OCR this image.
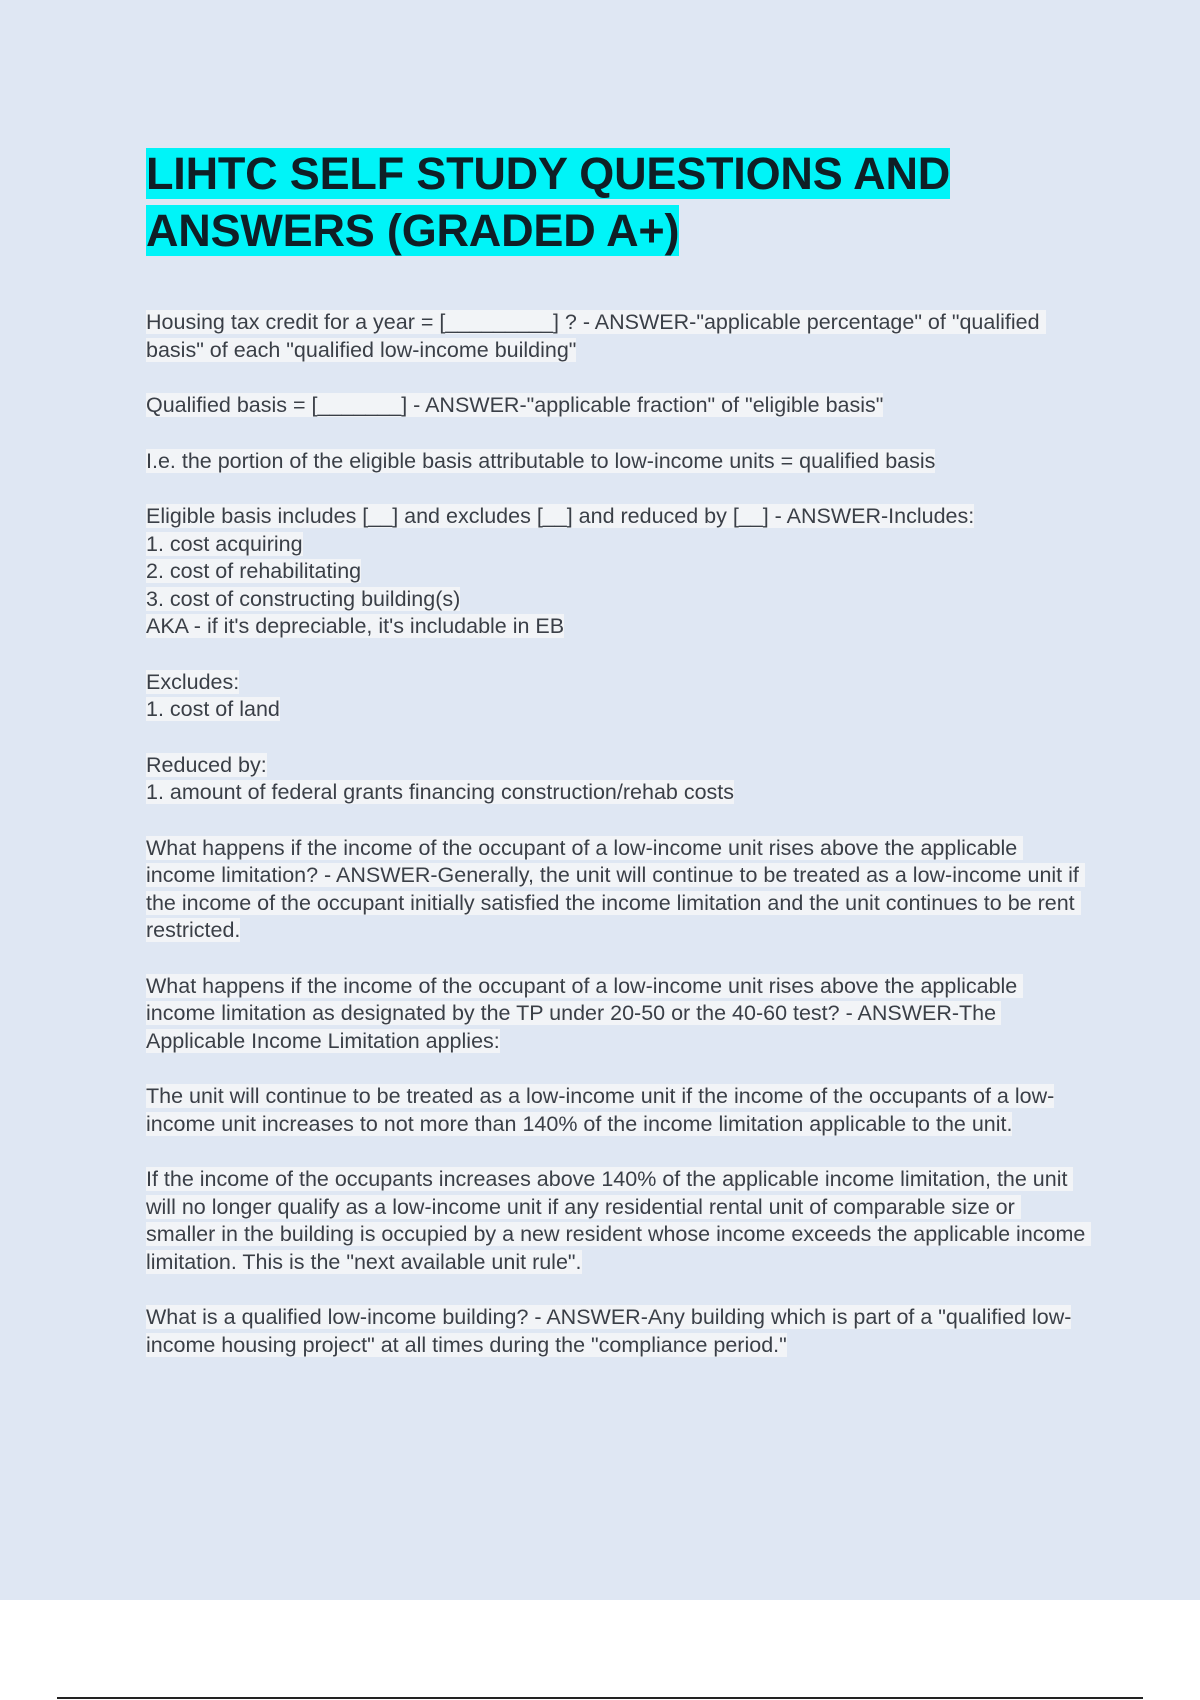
LIHTC SELF STUDY QUESTIONS AND ANSWERS (GRADED A+)

Housing tax credit for a year = [_________] ? - ANSWER-"applicable percentage" of "qualified basis" of each "qualified low-income building"

Qualified basis = [_______] - ANSWER-"applicable fraction" of "eligible basis"

I.e. the portion of the eligible basis attributable to low-income units = qualified basis

Eligible basis includes [__] and excludes [__] and reduced by [__] - ANSWER-Includes:
1. cost acquiring
2. cost of rehabilitating
3. cost of constructing building(s)
AKA - if it's depreciable, it's includable in EB

Excludes:
1. cost of land

Reduced by:
1. amount of federal grants financing construction/rehab costs

What happens if the income of the occupant of a low-income unit rises above the applicable income limitation? - ANSWER-Generally, the unit will continue to be treated as a low-income unit if the income of the occupant initially satisfied the income limitation and the unit continues to be rent restricted.

What happens if the income of the occupant of a low-income unit rises above the applicable income limitation as designated by the TP under 20-50 or the 40-60 test? - ANSWER-The Applicable Income Limitation applies:

The unit will continue to be treated as a low-income unit if the income of the occupants of a low-income unit increases to not more than 140% of the income limitation applicable to the unit.

If the income of the occupants increases above 140% of the applicable income limitation, the unit will no longer qualify as a low-income unit if any residential rental unit of comparable size or smaller in the building is occupied by a new resident whose income exceeds the applicable income limitation. This is the "next available unit rule".

What is a qualified low-income building? - ANSWER-Any building which is part of a "qualified low-income housing project" at all times during the "compliance period."
